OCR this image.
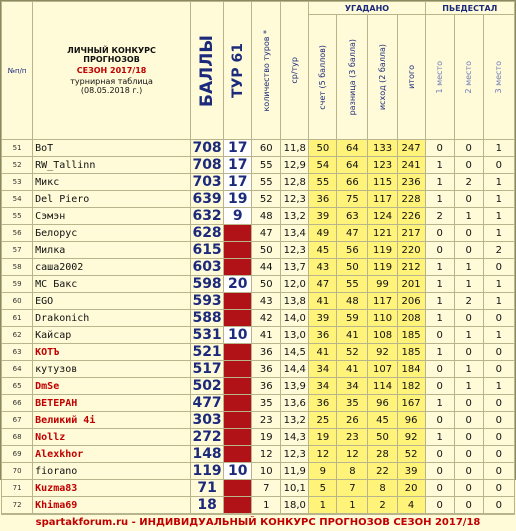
№п/п	ЛИЧНЫЙ КОНКУРС
ПРОГНОЗОВ
СЕЗОН 2017/18
турнирная таблица
(08.05.2018 г.)	БАЛЛЫ	ТУР 61	количество туров *	ср/тур	УГАДАНО				ПЬЕДЕСТАЛ		

						счет (5 баллов)	разница (3 балла)	исход (2 балла)	итого	1 место	2 место	3 место

51	BoT	708	17	60	11,8	50	64	133	247	0	0	1
52	RW_Tallinn	708	17	55	12,9	54	64	123	241	1	0	0
53	Микс	703	17	55	12,8	55	66	115	236	1	2	1
54	Del Piero	639	19	52	12,3	36	75	117	228	1	0	1
55	Сэмэн	632	9	48	13,2	39	63	124	226	2	1	1
56	Белорус	628		47	13,4	49	47	121	217	0	0	1
57	Милка	615		50	12,3	45	56	119	220	0	0	2
58	саша2002	603		44	13,7	43	50	119	212	1	1	0
59	MC Бакс	598	20	50	12,0	47	55	99	201	1	1	1
60	EGO	593		43	13,8	41	48	117	206	1	2	1
61	Drakonich	588		42	14,0	39	59	110	208	1	0	0
62	Кайсар	531	10	41	13,0	36	41	108	185	0	1	1
63	КОТЪ	521		36	14,5	41	52	92	185	1	0	0
64	кутузов	517		36	14,4	34	41	107	184	0	1	0
65	DmSe	502		36	13,9	34	34	114	182	0	1	1
66	ВЕТЕРАН	477		35	13,6	36	35	96	167	1	0	0
67	Великий 4i	303		23	13,2	25	26	45	96	0	0	0
68	Nollz	272		19	14,3	19	23	50	92	1	0	0
69	Alexkhor	148		12	12,3	12	12	28	52	0	0	0
70	fiorano	119	10	10	11,9	9	8	22	39	0	0	0
71	Kuzma83	71		7	10,1	5	7	8	20	0	0	0
72	Khima69	18		1	18,0	1	1	2	4	0	0	0
spartakforum.ru - ИНДИВИДУАЛЬНЫЙ КОНКУРС ПРОГНОЗОВ СЕЗОН 2017/18
